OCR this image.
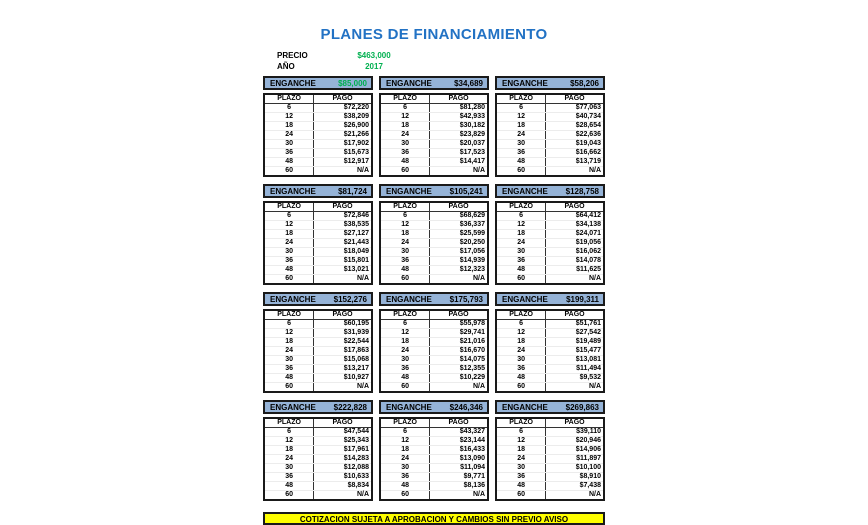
PLANES DE FINANCIAMIENTO
PRECIO	$463,000
AÑO	2017
ENGANCHE	$85,000
PLAZO	PAGO
6	$72,220
12	$38,209
18	$26,900
24	$21,266
30	$17,902
36	$15,673
48	$12,917
60	N/A
ENGANCHE	$34,689
PLAZO	PAGO
6	$81,280
12	$42,933
18	$30,182
24	$23,829
30	$20,037
36	$17,523
48	$14,417
60	N/A
ENGANCHE	$58,206
PLAZO	PAGO
6	$77,063
12	$40,734
18	$28,654
24	$22,636
30	$19,043
36	$16,662
48	$13,719
60	N/A
ENGANCHE	$81,724
PLAZO	PAGO
6	$72,846
12	$38,535
18	$27,127
24	$21,443
30	$18,049
36	$15,801
48	$13,021
60	N/A
ENGANCHE $105,241
PLAZO	PAGO
6	$68,629
12	$36,337
18	$25,599
24	$20,250
30	$17,056
36	$14,939
48	$12,323
60	N/A
ENGANCHE $128,758
PLAZO	PAGO
6	$64,412
12	$34,138
18	$24,071
24	$19,056
30	$16,062
36	$14,078
48	$11,625
60	N/A
ENGANCHE $152,276
PLAZO	PAGO
6	$60,195
12	$31,939
18	$22,544
24	$17,863
30	$15,068
36	$13,217
48	$10,927
60	N/A
ENGANCHE $175,793
PLAZO	PAGO
6	$55,978
12	$29,741
18	$21,016
24	$16,670
30	$14,075
36	$12,355
48	$10,229
60	N/A
ENGANCHE $199,311
PLAZO	PAGO
6	$51,761
12	$27,542
18	$19,489
24	$15,477
30	$13,081
36	$11,494
48	$9,532
60	N/A
ENGANCHE $222,828
PLAZO	PAGO
6	$47,544
12	$25,343
18	$17,961
24	$14,283
30	$12,088
36	$10,633
48	$8,834
60	N/A
ENGANCHE $246,346
PLAZO	PAGO
6	$43,327
12	$23,144
18	$16,433
24	$13,090
30	$11,094
36	$9,771
48	$8,136
60	N/A
ENGANCHE $269,863
PLAZO	PAGO
6	$39,110
12	$20,946
18	$14,906
24	$11,897
30	$10,100
36	$8,910
48	$7,438
60	N/A
COTIZACION SUJETA A APROBACION Y CAMBIOS SIN PREVIO AVISO
